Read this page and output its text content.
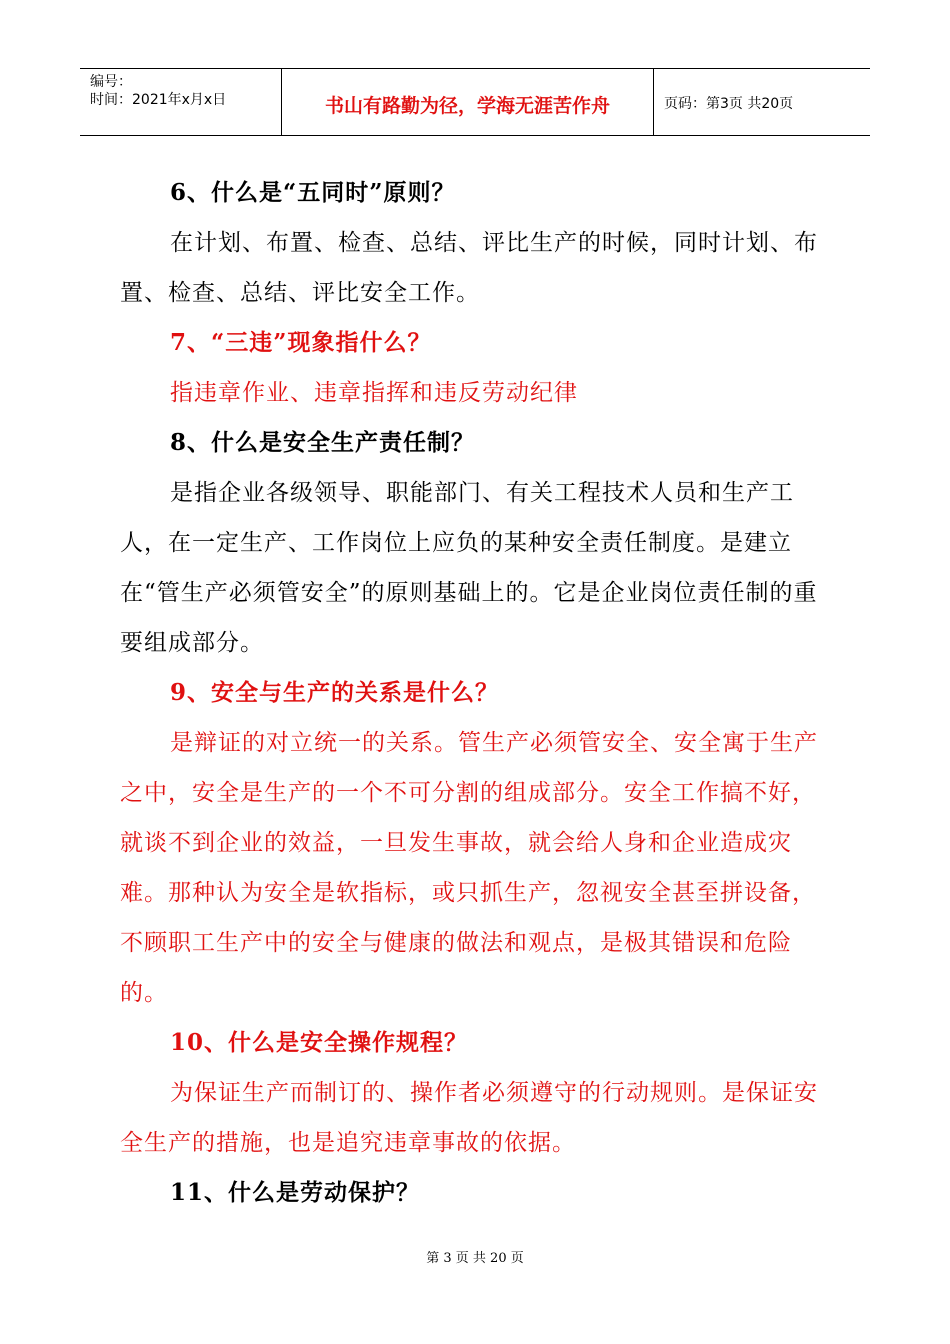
编号：
时间：2021年x月x日	书山有路勤为径，学海无涯苦作舟	页码：第3页 共20页

6、什么是“五同时”原则？

在计划、布置、检查、总结、评比生产的时候，同时计划、布置、检查、总结、评比安全工作。

7、“三违”现象指什么？

指违章作业、违章指挥和违反劳动纪律

8、什么是安全生产责任制？

是指企业各级领导、职能部门、有关工程技术人员和生产工人，在一定生产、工作岗位上应负的某种安全责任制度。是建立在“管生产必须管安全”的原则基础上的。它是企业岗位责任制的重要组成部分。

9、安全与生产的关系是什么？

是辩证的对立统一的关系。管生产必须管安全、安全寓于生产之中，安全是生产的一个不可分割的组成部分。安全工作搞不好，就谈不到企业的效益，一旦发生事故，就会给人身和企业造成灾难。那种认为安全是软指标，或只抓生产，忽视安全甚至拼设备，不顾职工生产中的安全与健康的做法和观点，是极其错误和危险的。

10、什么是安全操作规程？

为保证生产而制订的、操作者必须遵守的行动规则。是保证安全生产的措施，也是追究违章事故的依据。

11、什么是劳动保护？

第 3 页 共 20 页
